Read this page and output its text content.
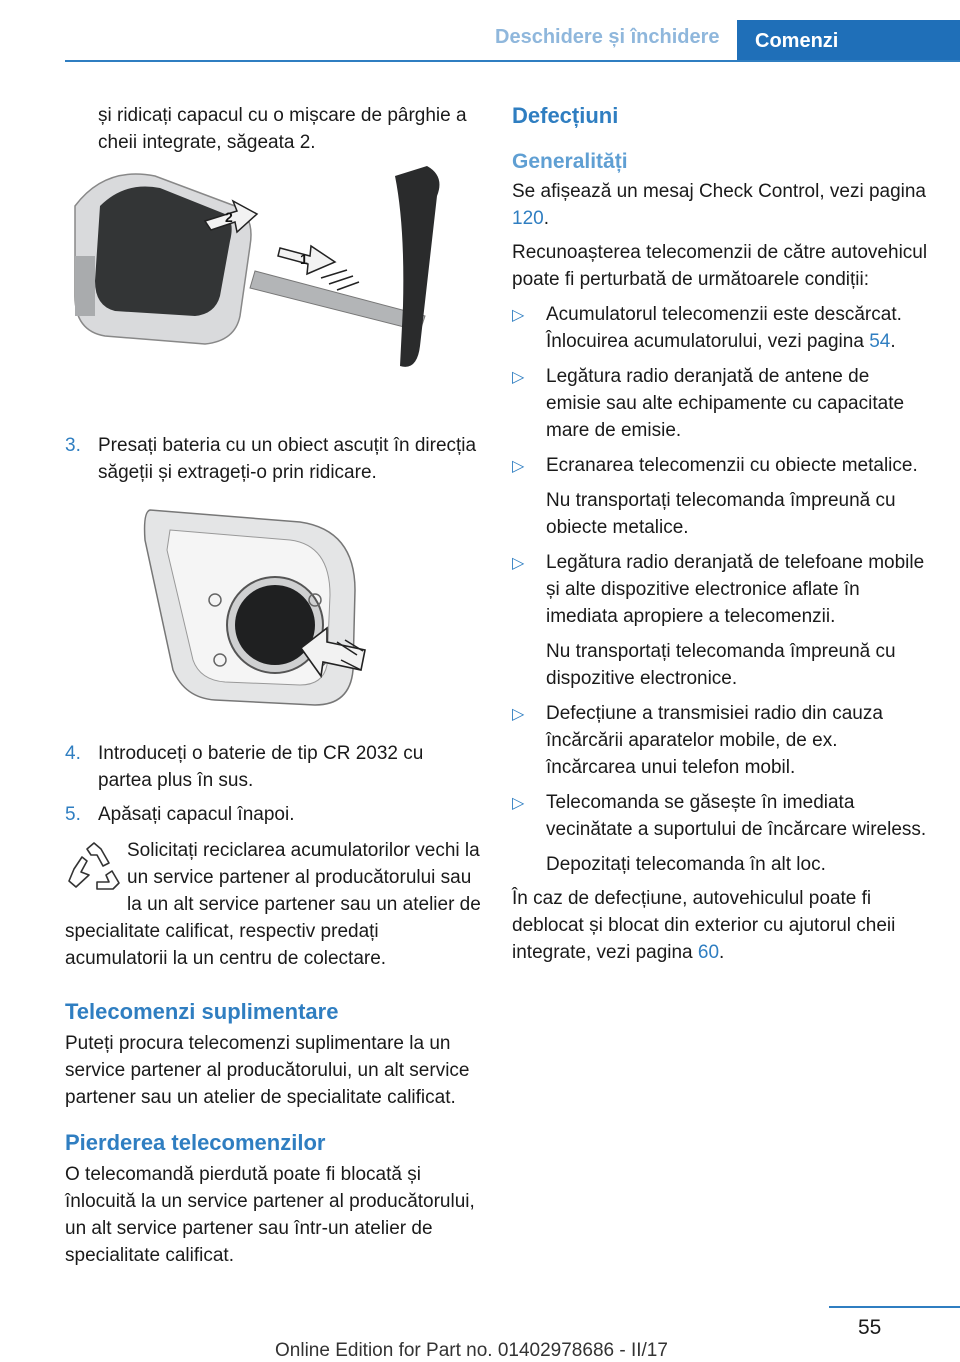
Deschidere și închidere Comenzi

și ridicați capacul cu o mișcare de pârghie a cheii integrate, săgeata 2.

2
1
3. Presați bateria cu un obiect ascuțit în direcția săgeții și extrageți-o prin ridicare.

4. Introduceți o baterie de tip CR 2032 cu partea plus în sus.

5. Apăsați capacul înapoi.

Solicitați reciclarea acumulatorilor vechi la un service partener al producătorului sau la un alt service partener sau un atelier de specialitate calificat, respectiv predați acumulatorii la un centru de colectare.

Telecomenzi suplimentare

Puteți procura telecomenzi suplimentare la un service partener al producătorului, un alt service partener sau un atelier de specialitate calificat.

Pierderea telecomenzilor

O telecomandă pierdută poate fi blocată și înlocuită la un service partener al producătorului, un alt service partener sau într-un atelier de specialitate calificat.

Defecțiuni
Generalități

Se afișează un mesaj Check Control, vezi pagina 120.

Recunoașterea telecomenzii de către autovehicul poate fi perturbată de următoarele condiții:

▷ Acumulatorul telecomenzii este descărcat. Înlocuirea acumulatorului, vezi pagina 54.

▷ Legătura radio deranjată de antene de emisie sau alte echipamente cu capacitate mare de emisie.

▷ Ecranarea telecomenzii cu obiecte metalice.

Nu transportați telecomanda împreună cu obiecte metalice.

▷ Legătura radio deranjată de telefoane mobile și alte dispozitive electronice aflate în imediata apropiere a telecomenzii.

Nu transportați telecomanda împreună cu dispozitive electronice.

▷ Defecțiune a transmisiei radio din cauza încărcării aparatelor mobile, de ex. încărcarea unui telefon mobil.

▷ Telecomanda se găsește în imediata vecinătate a suportului de încărcare wireless.

Depozitați telecomanda în alt loc.

În caz de defecțiune, autovehiculul poate fi deblocat și blocat din exterior cu ajutorul cheii integrate, vezi pagina 60.

55
Online Edition for Part no. 01402978686 - II/17
